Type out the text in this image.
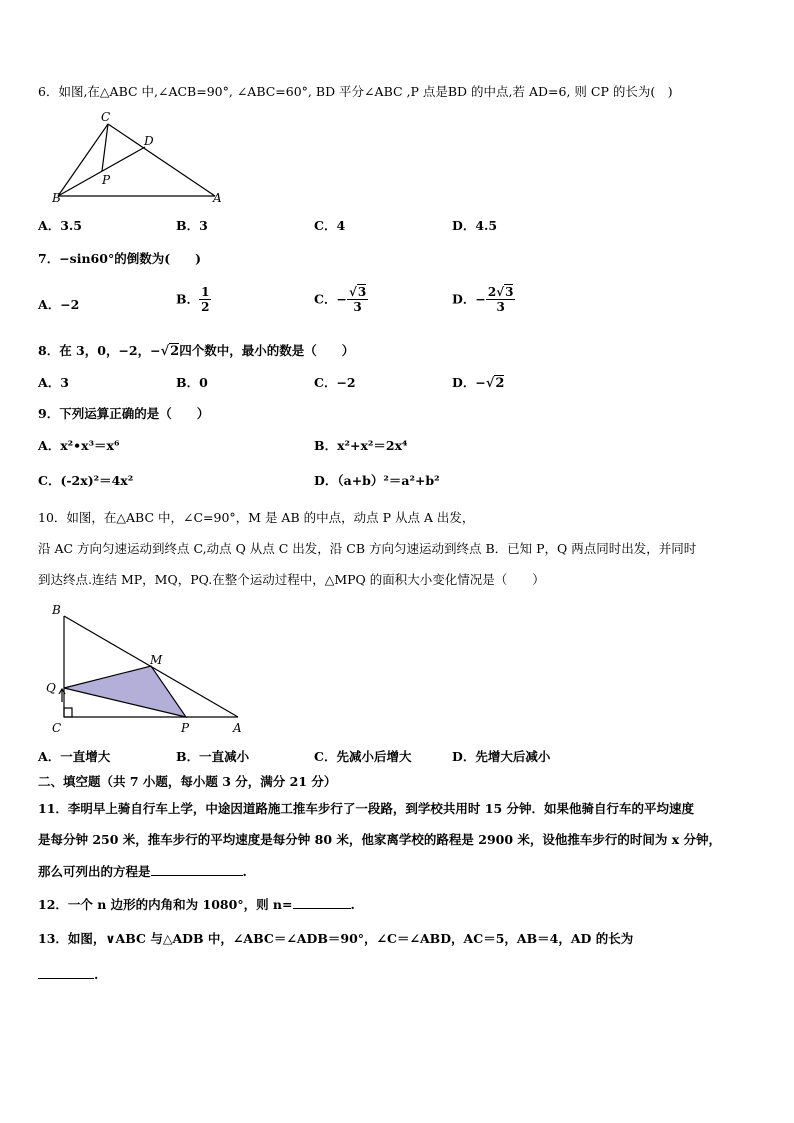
6．如图,在△ABC 中,∠ACB=90°, ∠ABC=60°, BD 平分∠ABC ,P 点是BD 的中点,若 AD=6, 则 CP 的长为(　)
C
D
P
B	A
A．3.5	B．3	C．4	D．4.5
7．−sin60°的倒数为(　　)
A．−2	B． $\frac{1}{2}$	C．− $\frac{√3}{3}$	D．− $\frac{2√3}{3}$
8．在 3，0，−2，−√2四个数中，最小的数是（　　）
A．3	B．0	C．−2	D．−√2
9．下列运算正确的是（　　）
A．x²•x³＝x⁶	B．x²+x²＝2x⁴
C．(-2x)²＝4x²	D．（a+b）²＝a²+b²
10．如图，在△ABC 中，∠C=90°，M 是 AB 的中点，动点 P 从点 A 出发，
沿 AC 方向匀速运动到终点 C,动点 Q 从点 C 出发，沿 CB 方向匀速运动到终点 B．已知 P，Q 两点同时出发，并同时
到达终点.连结 MP，MQ，PQ.在整个运动过程中，△MPQ 的面积大小变化情况是（　　）
B
M
Q
C	P	A
A．一直增大	B．一直减小	C．先减小后增大	D．先增大后减小
二、填空题（共 7 小题，每小题 3 分，满分 21 分）
11．李明早上骑自行车上学，中途因道路施工推车步行了一段路，到学校共用时 15 分钟．如果他骑自行车的平均速度
是每分钟 250 米，推车步行的平均速度是每分钟 80 米，他家离学校的路程是 2900 米，设他推车步行的时间为 x 分钟，
那么可列出的方程是	.
12．一个 n 边形的内角和为 1080°，则 n=	.
13．如图，∨ABC 与△ADB 中，∠ABC＝∠ADB＝90°，∠C＝∠ABD，AC＝5，AB＝4，AD 的长为
.
